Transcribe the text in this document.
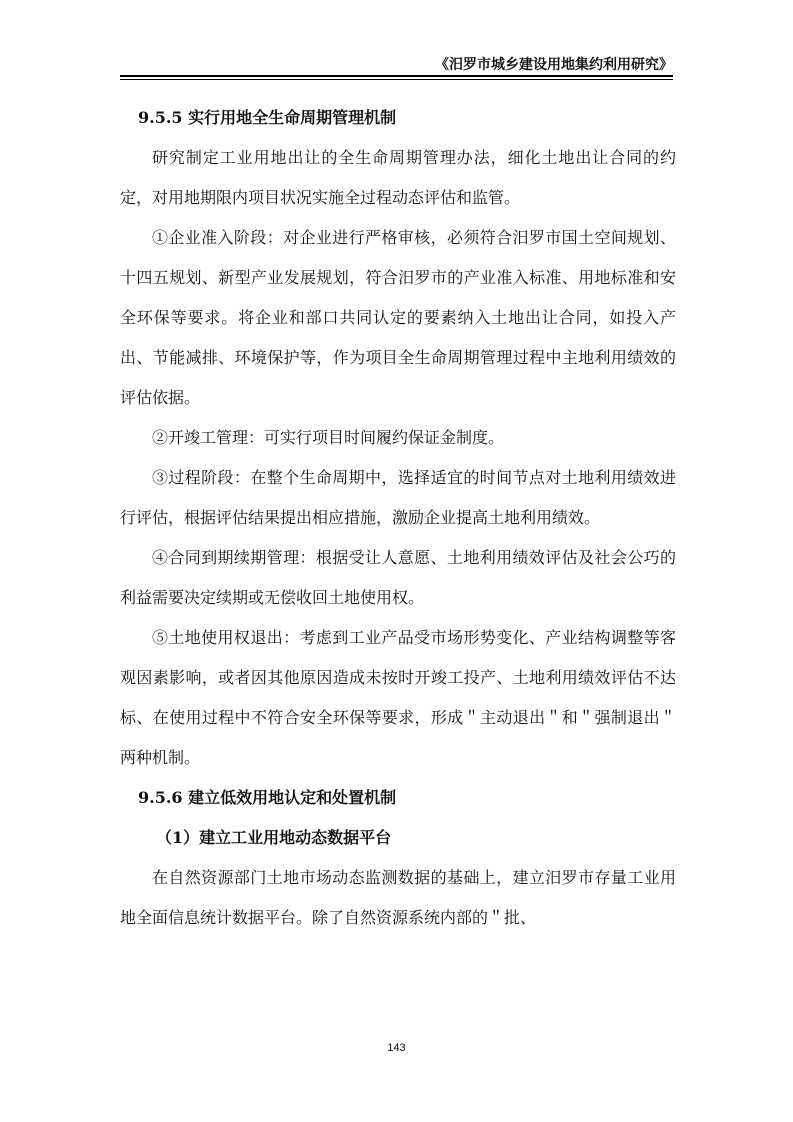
《汨罗市城乡建设用地集约利用研究》
9.5.5 实行用地全生命周期管理机制

研究制定工业用地出让的全生命周期管理办法，细化土地出让合同的约定，对用地期限内项目状况实施全过程动态评估和监管。

①企业准入阶段：对企业进行严格审核，必须符合汨罗市国土空间规划、十四五规划、新型产业发展规划，符合汨罗市的产业准入标准、用地标准和安全环保等要求。将企业和部口共同认定的要素纳入土地出让合同，如投入产出、节能减排、环境保护等，作为项目全生命周期管理过程中主地利用绩效的评估依据。

②开竣工管理：可实行项目时间履约保证金制度。

③过程阶段：在整个生命周期中，选择适宜的时间节点对土地利用绩效进行评估，根据评估结果提出相应措施，激励企业提高土地利用绩效。

④合同到期续期管理：根据受让人意愿、土地利用绩效评估及社会公巧的利益需要决定续期或无偿收回土地使用权。

⑤土地使用权退出：考虑到工业产品受市场形势变化、产业结构调整等客观因素影响，或者因其他原因造成未按时开竣工投产、土地利用绩效评估不达标、在使用过程中不符合安全环保等要求，形成＂主动退出＂和＂强制退出＂两种机制。

9.5.6 建立低效用地认定和处置机制
（1）建立工业用地动态数据平台

在自然资源部门土地市场动态监测数据的基础上，建立汨罗市存量工业用地全面信息统计数据平台。除了自然资源系统内部的＂批、

143
